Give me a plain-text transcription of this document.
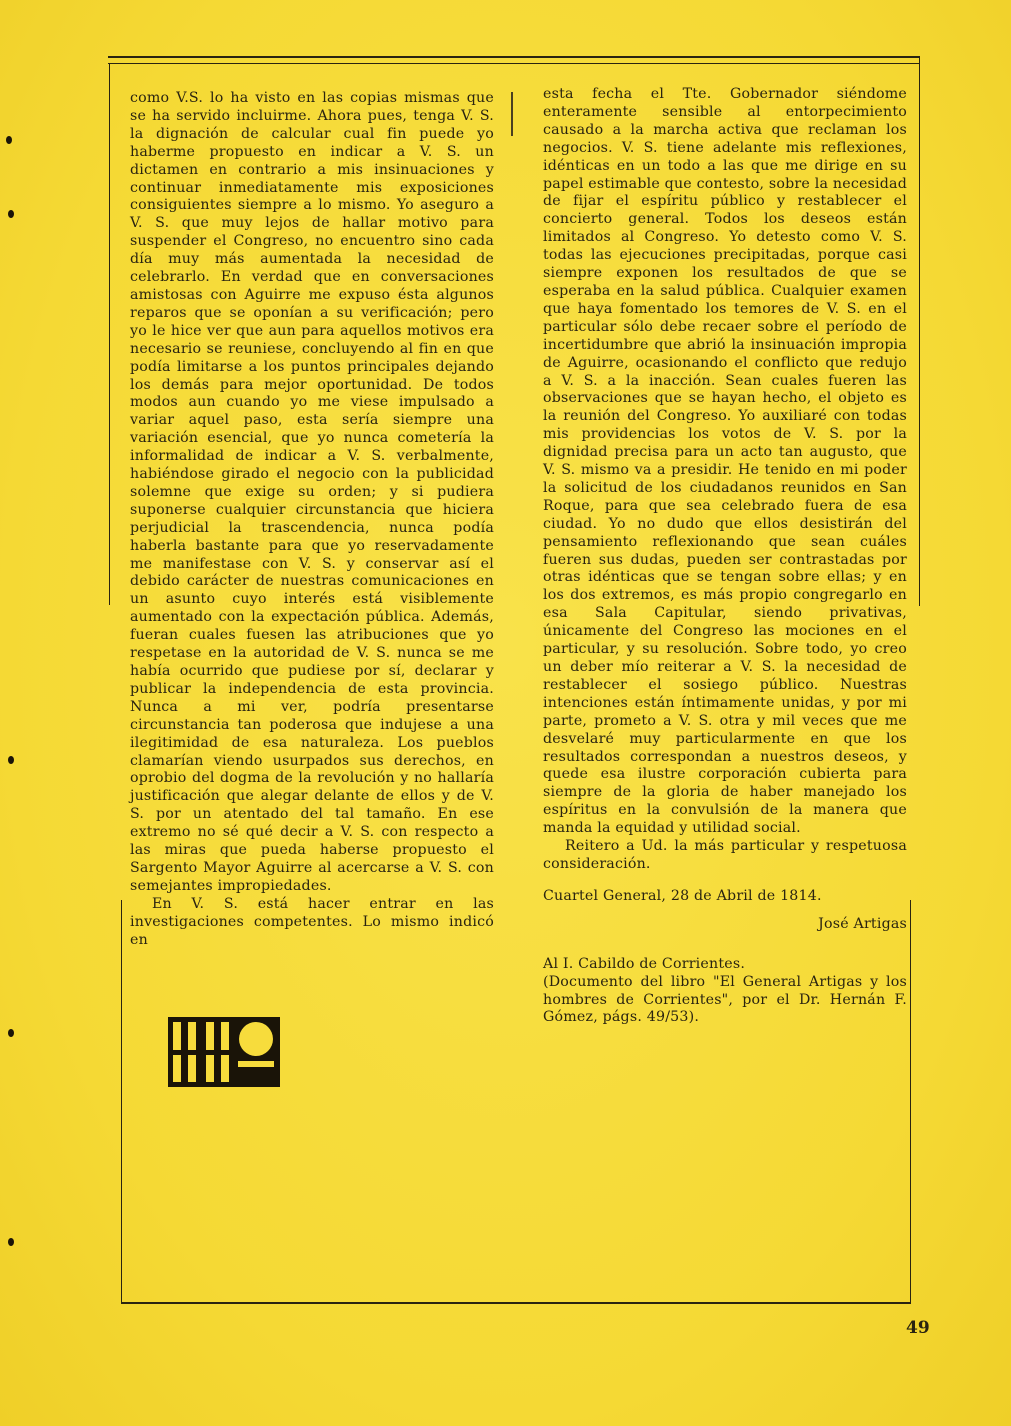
como V.S. lo ha visto en las copias mismas que se ha servido incluirme. Ahora pues, tenga V. S. la dignación de calcular cual fin puede yo haberme propuesto en indicar a V. S. un dictamen en contrario a mis insinuaciones y continuar inmediatamente mis exposiciones consiguientes siempre a lo mismo. Yo aseguro a V. S. que muy lejos de hallar motivo para suspender el Congreso, no encuentro sino cada día muy más aumentada la necesidad de celebrarlo. En verdad que en conversaciones amistosas con Aguirre me expuso ésta algunos reparos que se oponían a su verificación; pero yo le hice ver que aun para aquellos motivos era necesario se reuniese, concluyendo al fin en que podía limitarse a los puntos principales dejando los demás para mejor oportunidad. De todos modos aun cuando yo me viese impulsado a variar aquel paso, esta sería siempre una variación esencial, que yo nunca cometería la informalidad de indicar a V. S. verbalmente, habiéndose girado el negocio con la publicidad solemne que exige su orden; y si pudiera suponerse cualquier circunstancia que hiciera perjudicial la trascendencia, nunca podía haberla bastante para que yo reservadamente me manifestase con V. S. y conservar así el debido carácter de nuestras comunicaciones en un asunto cuyo interés está visiblemente aumentado con la expectación pública. Además, fueran cuales fuesen las atribuciones que yo respetase en la autoridad de V. S. nunca se me había ocurrido que pudiese por sí, declarar y publicar la independencia de esta provincia. Nunca a mi ver, podría presentarse circunstancia tan poderosa que indujese a una ilegitimidad de esa naturaleza. Los pueblos clamarían viendo usurpados sus derechos, en oprobio del dogma de la revolución y no hallaría justificación que alegar delante de ellos y de V. S. por un atentado del tal tamaño. En ese extremo no sé qué decir a V. S. con respecto a las miras que pueda haberse propuesto el Sargento Mayor Aguirre al acercarse a V. S. con semejantes impropiedades.

En V. S. está hacer entrar en las investigaciones competentes. Lo mismo indicó en

esta fecha el Tte. Gobernador siéndome enteramente sensible al entorpecimiento causado a la marcha activa que reclaman los negocios. V. S. tiene adelante mis reflexiones, idénticas en un todo a las que me dirige en su papel estimable que contesto, sobre la necesidad de fijar el espíritu público y restablecer el concierto general. Todos los deseos están limitados al Congreso. Yo detesto como V. S. todas las ejecuciones precipitadas, porque casi siempre exponen los resultados de que se esperaba en la salud pública. Cualquier examen que haya fomentado los temores de V. S. en el particular sólo debe recaer sobre el período de incertidumbre que abrió la insinuación impropia de Aguirre, ocasionando el conflicto que redujo a V. S. a la inacción. Sean cuales fueren las observaciones que se hayan hecho, el objeto es la reunión del Congreso. Yo auxiliaré con todas mis providencias los votos de V. S. por la dignidad precisa para un acto tan augusto, que V. S. mismo va a presidir. He tenido en mi poder la solicitud de los ciudadanos reunidos en San Roque, para que sea celebrado fuera de esa ciudad. Yo no dudo que ellos desistirán del pensamiento reflexionando que sean cuáles fueren sus dudas, pueden ser contrastadas por otras idénticas que se tengan sobre ellas; y en los dos extremos, es más propio congregarlo en esa Sala Capitular, siendo privativas, únicamente del Congreso las mociones en el particular, y su resolución. Sobre todo, yo creo un deber mío reiterar a V. S. la necesidad de restablecer el sosiego público. Nuestras intenciones están íntimamente unidas, y por mi parte, prometo a V. S. otra y mil veces que me desvelaré muy particularmente en que los resultados correspondan a nuestros deseos, y quede esa ilustre corporación cubierta para siempre de la gloria de haber manejado los espíritus en la convulsión de la manera que manda la equidad y utilidad social.

Reitero a Ud. la más particular y respetuosa consideración.

Cuartel General, 28 de Abril de 1814.

José Artigas

Al I. Cabildo de Corrientes.

(Documento del libro "El General Artigas y los hombres de Corrientes", por el Dr. Hernán F. Gómez, págs. 49/53).

49
